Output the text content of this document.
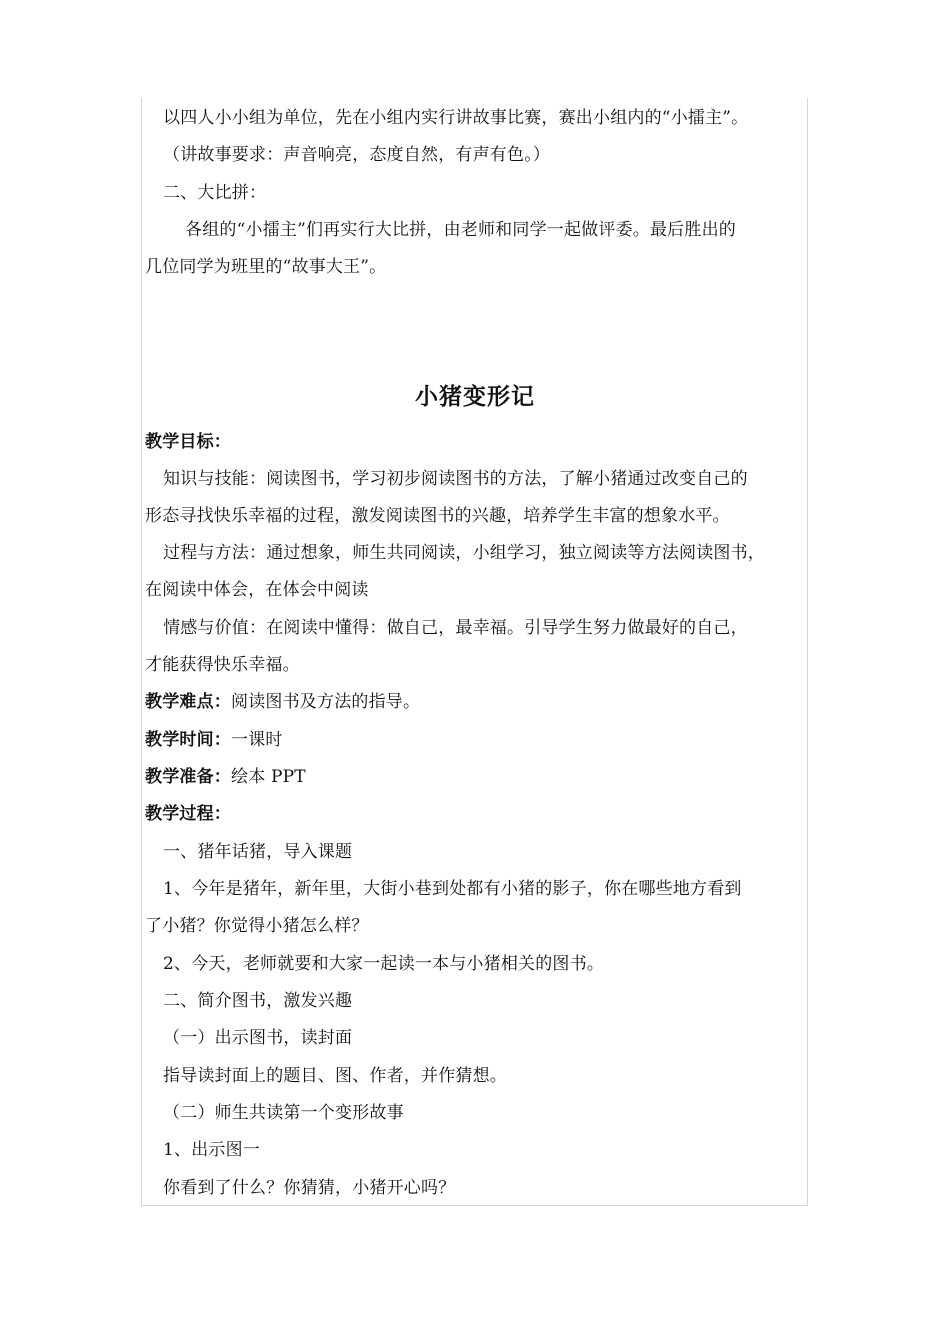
以四人小小组为单位，先在小组内实行讲故事比赛，赛出小组内的“小擂主”。
（讲故事要求：声音响亮，态度自然，有声有色。）
二、大比拼：
各组的“小擂主”们再实行大比拼，由老师和同学一起做评委。最后胜出的
几位同学为班里的“故事大王”。
小猪变形记
教学目标：
知识与技能：阅读图书，学习初步阅读图书的方法，了解小猪通过改变自己的
形态寻找快乐幸福的过程，激发阅读图书的兴趣，培养学生丰富的想象水平。
过程与方法：通过想象，师生共同阅读，小组学习，独立阅读等方法阅读图书，
在阅读中体会，在体会中阅读
情感与价值：在阅读中懂得：做自己，最幸福。引导学生努力做最好的自己，
才能获得快乐幸福。
教学难点：阅读图书及方法的指导。
教学时间：一课时
教学准备：绘本 PPT
教学过程：
一、猪年话猪，导入课题
1、今年是猪年，新年里，大街小巷到处都有小猪的影子，你在哪些地方看到
了小猪？你觉得小猪怎么样？
2、今天，老师就要和大家一起读一本与小猪相关的图书。
二、简介图书，激发兴趣
（一）出示图书，读封面
指导读封面上的题目、图、作者，并作猜想。
（二）师生共读第一个变形故事
1、出示图一
你看到了什么？你猜猜，小猪开心吗？
